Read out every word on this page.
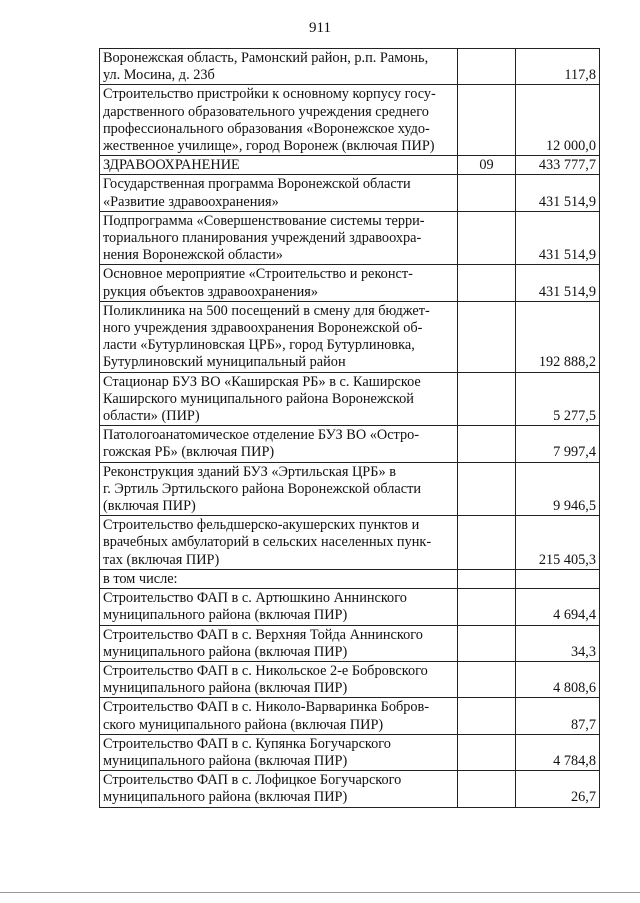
911
Воронежская область, Рамонский район, р.п. Рамонь,
ул. Мосина, д. 23б		117,8

Строительство пристройки к основному корпусу госу-
дарственного образовательного учреждения среднего
профессионального образования «Воронежское худо-
жественное училище», город Воронеж (включая ПИР)		12 000,0

ЗДРАВООХРАНЕНИЕ	09	433 777,7

Государственная программа Воронежской области
«Развитие здравоохранения»		431 514,9

Подпрограмма «Совершенствование системы терри-
ториального планирования учреждений здравоохра-
нения Воронежской области»		431 514,9

Основное мероприятие «Строительство и реконст-
рукция объектов здравоохранения»		431 514,9

Поликлиника на 500 посещений в смену для бюджет-
ного учреждения здравоохранения Воронежской об-
ласти «Бутурлиновская ЦРБ», город Бутурлиновка,
Бутурлиновский муниципальный район		192 888,2

Стационар БУЗ ВО «Каширская РБ» в с. Каширское
Каширского муниципального района Воронежской
области» (ПИР)		5 277,5

Патологоанатомическое отделение БУЗ ВО «Остро-
гожская РБ» (включая ПИР)		7 997,4

Реконструкция зданий БУЗ «Эртильская ЦРБ» в
г. Эртиль Эртильского района Воронежской области
(включая ПИР)		9 946,5

Строительство фельдшерско-акушерских пунктов и
врачебных амбулаторий в сельских населенных пунк-
тах (включая ПИР)		215 405,3

в том числе:		

Строительство ФАП в с. Артюшкино Аннинского
муниципального района (включая ПИР)		4 694,4

Строительство ФАП в с. Верхняя Тойда Аннинского
муниципального района (включая ПИР)		34,3

Строительство ФАП в с. Никольское 2-е Бобровского
муниципального района (включая ПИР)		4 808,6

Строительство ФАП в с. Николо-Варваринка Бобров-
ского муниципального района (включая ПИР)		87,7

Строительство ФАП в с. Купянка Богучарского
муниципального района (включая ПИР)		4 784,8

Строительство ФАП в с. Лофицкое Богучарского
муниципального района (включая ПИР)		26,7
